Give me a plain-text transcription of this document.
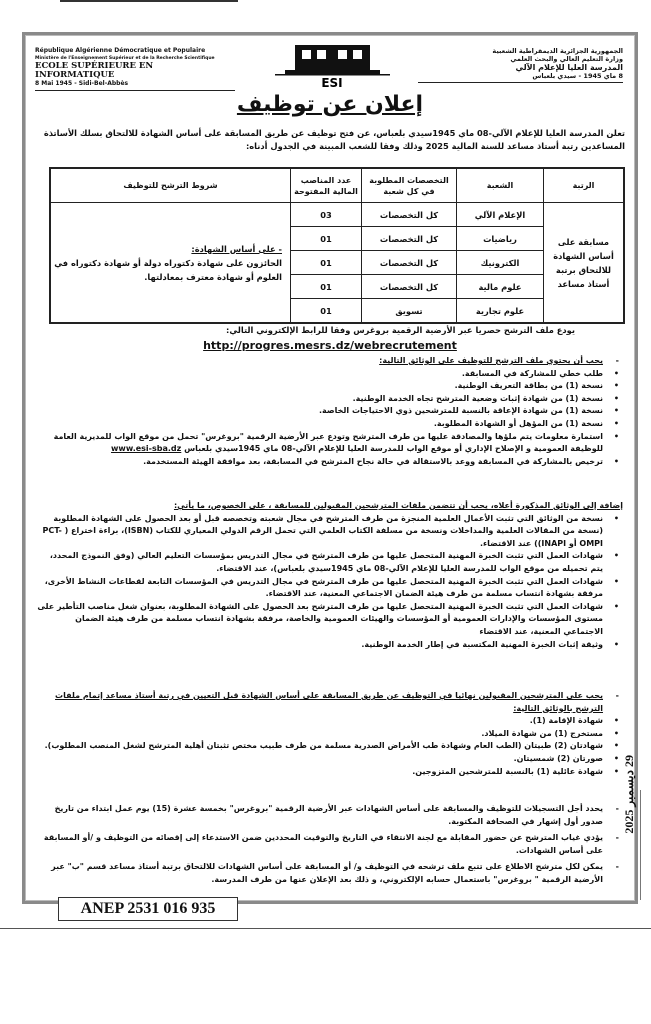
République Algérienne Démocratique et Populaire
Ministère de l'Enseignement Supérieur et de la Recherche Scientifique
ECOLE SUPÉRIEURE EN INFORMATIQUE
8 Mai 1945 - Sidi-Bel-Abbès	ESI
الجمهورية الجزائرية الديمقراطية الشعبية
وزارة التعليم العالي والبحث العلمي
المدرسة العليا للإعلام الآلي
8 ماي 1945 - سيدي بلعباس
إعلان عن توظيف
تعلن المدرسة العليا للإعلام الآلي-08 ماي 1945سيدي بلعباس، عن فتح توظيف عن طريق المسابقة على أساس الشهادة للالتحاق بسلك الأساتذة المساعدين رتبة أستاذ مساعد للسنة المالية 2025 وذلك وفقا للشعب المبينة في الجدول أدناه:
الرتبة	الشعبة	التخصصات المطلوبة في كل شعبة	عدد المناصب المالية المفتوحة	شروط الترشح للتوظيف
مسابقة على أساس الشهادة للالتحاق برتبة أستاذ مساعد	الإعلام الآلي	كل التخصصات	03	- على أساس الشهادة:
الحائزون على شهادة دكتوراه دولة أو شهادة دكتوراه في العلوم أو شهادة معترف بمعادلتها.

	رياضيات	كل التخصصات	01	
	الكترونيك	كل التخصصات	01	
	علوم مالية	كل التخصصات	01	
	علوم تجارية	تسويق	01	
يودع ملف الترشح حصريا عبر الأرضية الرقمية بروغرس وفقا للرابط الإلكتروني التالي:
http://progres.mesrs.dz/webrecrutement
- يجب أن يحتوي ملف الترشح للتوظيف على الوثائق التالية:
• طلب خطي للمشاركة في المسابقة.
• نسخة (1) من بطاقة التعريف الوطنية.
• نسخة (1) من شهادة إثبات وضعية المترشح تجاه الخدمة الوطنية.
• نسخة (1) من شهادة الإعاقة بالنسبة للمترشحين ذوي الاحتياجات الخاصة.
• نسخة (1) من المؤهل أو الشهادة المطلوبة.
• استمارة معلومات يتم ملؤها والمصادقة عليها من طرف المترشح وتودع عبر الأرضية الرقمية "بروغرس" تحمل من موقع الواب للمديرية العامة للوظيفة العمومية و الإصلاح الإداري أو موقع الواب للمدرسة العليا للإعلام الآلي-08 ماي 1945سيدي بلعباس www.esi-sba.dz
• ترخيص بالمشاركة في المسابقة ووعد بالاستقالة في حالة نجاح المترشح في المسابقة، بعد موافقة الهيئة المستخدمة.
إضافة إلى الوثائق المذكورة أعلاه، يجب أن تتضمن ملفات المترشحين المقبولين للمسابقة ، على الخصوص، ما يأتي:
• نسخة من الوثائق التي تثبت الأعمال العلمية المنجزة من طرف المترشح في مجال شعبته وتخصصه قبل أو بعد الحصول على الشهادة المطلوبة (نسخة من المقالات العلمية والمداخلات ونسخة من مسلفة الكتاب العلمي التي تحمل الرقم الدولي المعياري للكتاب (ISBN)، براءة اختراع ( PCT-OMPI أو INAPI)) عند الاقتضاء.
• شهادات العمل التي تثبت الخبرة المهنية المتحصل عليها من طرف المترشح في مجال التدريس بمؤسسات التعليم العالي (وفق النموذج المحدد، يتم تحميله من موقع الواب للمدرسة العليا للإعلام الآلي-08 ماي 1945سيدي بلعباس)، عند الاقتضاء.
• شهادات العمل التي تثبت الخبرة المهنية المتحصل عليها من طرف المترشح في مجال التدريس في المؤسسات التابعة لقطاعات النشاط الأخرى، مرفقة بشهادة انتساب مسلمة من طرف هيئة الضمان الاجتماعي المعنية، عند الاقتضاء.
• شهادات العمل التي تثبت الخبرة المهنية المتحصل عليها من طرف المترشح بعد الحصول على الشهادة المطلوبة، بعنوان شغل مناصب التأطير على مستوى المؤسسات والإدارات العمومية أو المؤسسات والهيئات العمومية والخاصة، مرفقة بشهادة انتساب مسلمة من طرف هيئة الضمان الاجتماعي المعنية، عند الاقتضاء
• وثيقة إثبات الخبرة المهنية المكتسبة في إطار الخدمة الوطنية.
- يجب على المترشحين المقبولين نهائيا في التوظيف عن طريق المسابقة على أساس الشهادة قبل التعيين في رتبة أستاذ مساعد إتمام ملفات الترشح بالوثائق التالية:
• شهادة الإقامة (1).
• مستخرج (1) من شهادة الميلاد.
• شهادتان (2) طبيتان (الطب العام وشهادة طب الأمراض الصدرية مسلمة من طرف طبيب مختص تثبتان أهلية المترشح لشغل المنصب المطلوب).
• صورتان (2) شمسيتان.
• شهادة عائلية (1) بالنسبة للمترشحين المتزوجين.
- يحدد أجل التسجيلات للتوظيف والمسابقة على أساس الشهادات عبر الأرضية الرقمية "بروغرس" بخمسة عشرة (15) يوم عمل ابتداء من تاريخ صدور أول إشهار في الصحافة المكتوبة.
- يؤدي غياب المترشح عن حضور المقابلة مع لجنة الانتقاء في التاريخ والتوقيت المحددين ضمن الاستدعاء إلى إقصائه من التوظيف و /أو المسابقة على أساس الشهادات.
- يمكن لكل مترشح الاطلاع على تتبع ملف ترشحه في التوظيف و/ أو المسابقة على أساس الشهادات للالتحاق برتبة أستاذ مساعد قسم "ب" عبر الأرضية الرقمية " بروغرس" باستعمال حسابه الإلكتروني، و ذلك بعد الإعلان عنها من طرف المدرسة.
29 ديسمبر 2025
ANEP 2531 016 935
